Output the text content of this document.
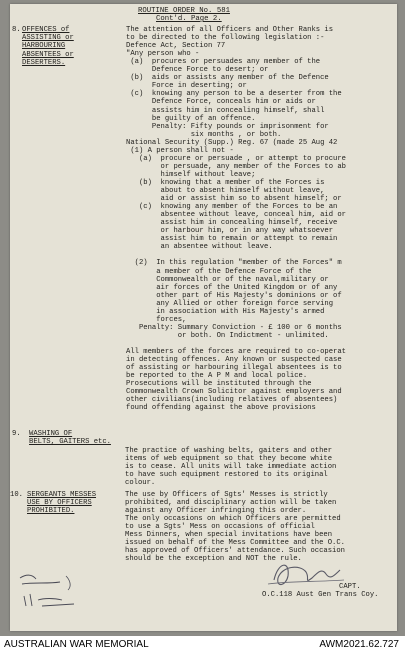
ROUTINE ORDER No. 581
Cont'd. Page 2.
8. OFFENCES of
ASSISTING or
HARBOURING
ABSENTEES or
DESERTERS.
The attention of all Officers and Other Ranks is
to be directed to the following legislation :-
Defence Act, Section 77
"Any person who -
(a)  procures or persuades any member of the
Defence Force to desert; or
(b)  aids or assists any member of the Defence
Force in deserting; or
(c)  knowing any person to be a deserter from the
Defence Force, conceals him or aids or
assists him in concealing himself, shall
be guilty of an offence.
Penalty: Fifty pounds or imprisonment for
six months , or both.
National Security (Supp.) Reg. 67 (made 25 Aug 42
(1) A person shall not -
(a)  procure or persuade , or attempt to procure
or persuade, any member of the Forces to ab
himself without leave;
(b)  knowing that a member of the Forces is
about to absent himself without leave,
aid or assist him so to absent himself; or
(c)  knowing any member of the Forces to be an
absentee without leave, conceal him, aid or
assist him in concealing himself, receive
or harbour him, or in any way whatsoever
assist him to remain or attempt to remain
an absentee without leave.
(2)  In this regulation "member of the Forces" m
a member of the Defence Force of the
Commonwealth or of the naval,military or
air forces of the United Kingdom or of any
other part of His Majesty's dominions or of
any Allied or other foreign force serving
in association with His Majesty's armed
forces,
Penalty: Summary Conviction - £ 100 or 6 months
or both. On Indictment - unlimited.
All members of the forces are required to co-operat
in detecting offences. Any known or suspected case
of assisting or harbouring illegal absentees is to
be reported to the A P M and local police.
Prosecutions will be instituted through the
Commonwealth Crown Solicitor against employers and
other civilians(including relatives of absentees)
found offending against the above provisions
9. WASHING OF
BELTS, GAITERS etc.
The practice of washing belts, gaiters and other
items of web equipment so that they become white
is to cease. All units will take immediate action
to have such equipment restored to its original
colour.
10. SERGEANTS MESSES
USE BY OFFICERS
PROHIBITED.
The use by Officers of Sgts' Messes is strictly
prohibited, and disciplinary action will be taken
against any Officer infringing this order.
The only occasions on which Officers are permitted
to use a Sgts' Mess on occasions of official
Mess Dinners, when special invitations have been
issued on behalf of the Mess Committee and the O.C.
has approved of Officers' attendance. Such occasion
should be the exception and NOT the rule.
CAPT.
O.C.118 Aust Gen Trans Coy.
AUSTRALIAN WAR MEMORIAL	AWM2021.62.727
